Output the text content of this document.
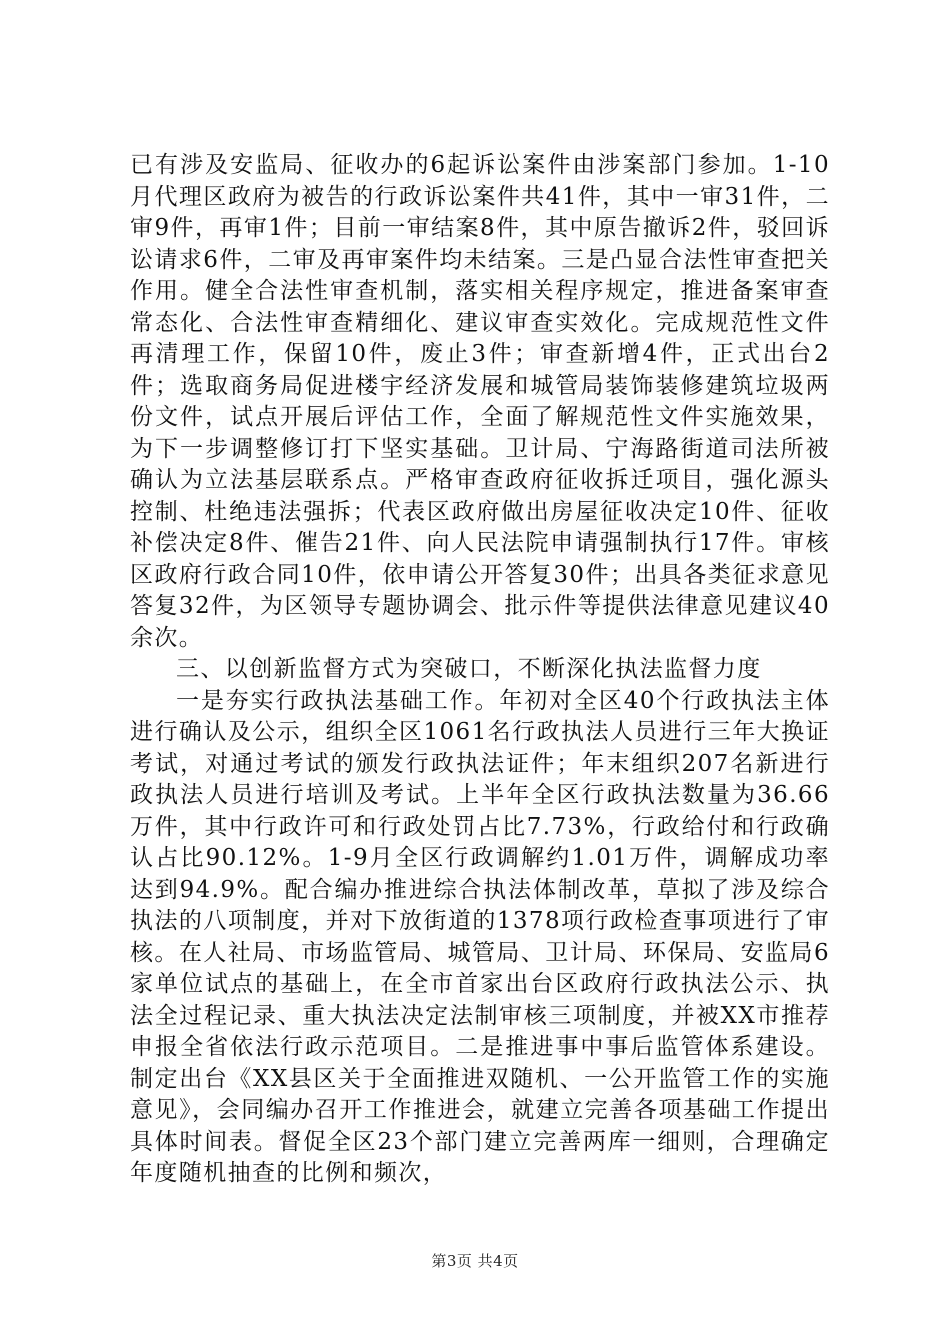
已有涉及安监局、征收办的6起诉讼案件由涉案部门参加。1-10月代理区政府为被告的行政诉讼案件共41件，其中一审31件，二审9件，再审1件；目前一审结案8件，其中原告撤诉2件，驳回诉讼请求6件，二审及再审案件均未结案。三是凸显合法性审查把关作用。健全合法性审查机制，落实相关程序规定，推进备案审查常态化、合法性审查精细化、建议审查实效化。完成规范性文件再清理工作，保留10件，废止3件；审查新增4件，正式出台2件；选取商务局促进楼宇经济发展和城管局装饰装修建筑垃圾两份文件，试点开展后评估工作，全面了解规范性文件实施效果，为下一步调整修订打下坚实基础。卫计局、宁海路街道司法所被确认为立法基层联系点。严格审查政府征收拆迁项目，强化源头控制、杜绝违法强拆；代表区政府做出房屋征收决定10件、征收补偿决定8件、催告21件、向人民法院申请强制执行17件。审核区政府行政合同10件，依申请公开答复30件；出具各类征求意见答复32件，为区领导专题协调会、批示件等提供法律意见建议40余次。

三、以创新监督方式为突破口，不断深化执法监督力度

一是夯实行政执法基础工作。年初对全区40个行政执法主体进行确认及公示，组织全区1061名行政执法人员进行三年大换证考试，对通过考试的颁发行政执法证件；年末组织207名新进行政执法人员进行培训及考试。上半年全区行政执法数量为36.66万件，其中行政许可和行政处罚占比7.73%，行政给付和行政确认占比90.12%。1-9月全区行政调解约1.01万件，调解成功率达到94.9%。配合编办推进综合执法体制改革，草拟了涉及综合执法的八项制度，并对下放街道的1378项行政检查事项进行了审核。在人社局、市场监管局、城管局、卫计局、环保局、安监局6家单位试点的基础上，在全市首家出台区政府行政执法公示、执法全过程记录、重大执法决定法制审核三项制度，并被XX市推荐申报全省依法行政示范项目。二是推进事中事后监管体系建设。制定出台《XX县区关于全面推进双随机、一公开监管工作的实施意见》，会同编办召开工作推进会，就建立完善各项基础工作提出具体时间表。督促全区23个部门建立完善两库一细则，合理确定年度随机抽查的比例和频次，

第3页 共4页
